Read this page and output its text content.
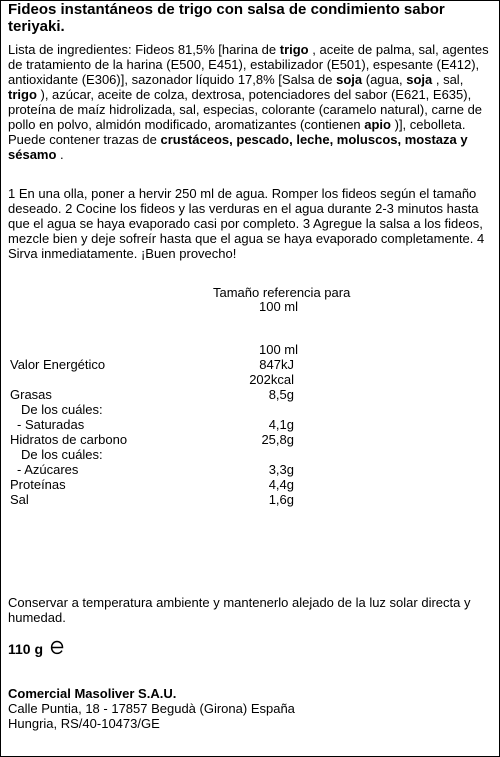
Fideos instantáneos de trigo con salsa de condimiento sabor teriyaki.
Lista de ingredientes: Fideos 81,5% [harina de trigo , aceite de palma, sal, agentes de tratamiento de la harina (E500, E451), estabilizador (E501), espesante (E412), antioxidante (E306)], sazonador líquido 17,8% [Salsa de soja (agua, soja , sal, trigo ), azúcar, aceite de colza, dextrosa, potenciadores del sabor (E621, E635), proteína de maíz hidrolizada, sal, especias, colorante (caramelo natural), carne de pollo en polvo, almidón modificado, aromatizantes (contienen apio )], cebolleta. Puede contener trazas de crustáceos, pescado, leche, moluscos, mostaza y sésamo .
1 En una olla, poner a hervir 250 ml de agua. Romper los fideos según el tamaño deseado. 2 Cocine los fideos y las verduras en el agua durante 2-3 minutos hasta que el agua se haya evaporado casi por completo. 3 Agregue la salsa a los fideos, mezcle bien y deje sofreír hasta que el agua se haya evaporado completamente. 4 Sirva inmediatamente. ¡Buen provecho!
Tamaño referencia para
100 ml
100 ml
Valor Energético	847kJ
202kcal
Grasas	8,5g
De los cuáles:
- Saturadas	4,1g
Hidratos de carbono	25,8g
De los cuáles:
- Azúcares	3,3g
Proteínas	4,4g
Sal	1,6g
Conservar a temperatura ambiente y mantenerlo alejado de la luz solar directa y humedad.
110 g
Comercial Masoliver S.A.U.
Calle Puntia, 18 - 17857 Begudà (Girona) España
Hungria, RS/40-10473/GE
